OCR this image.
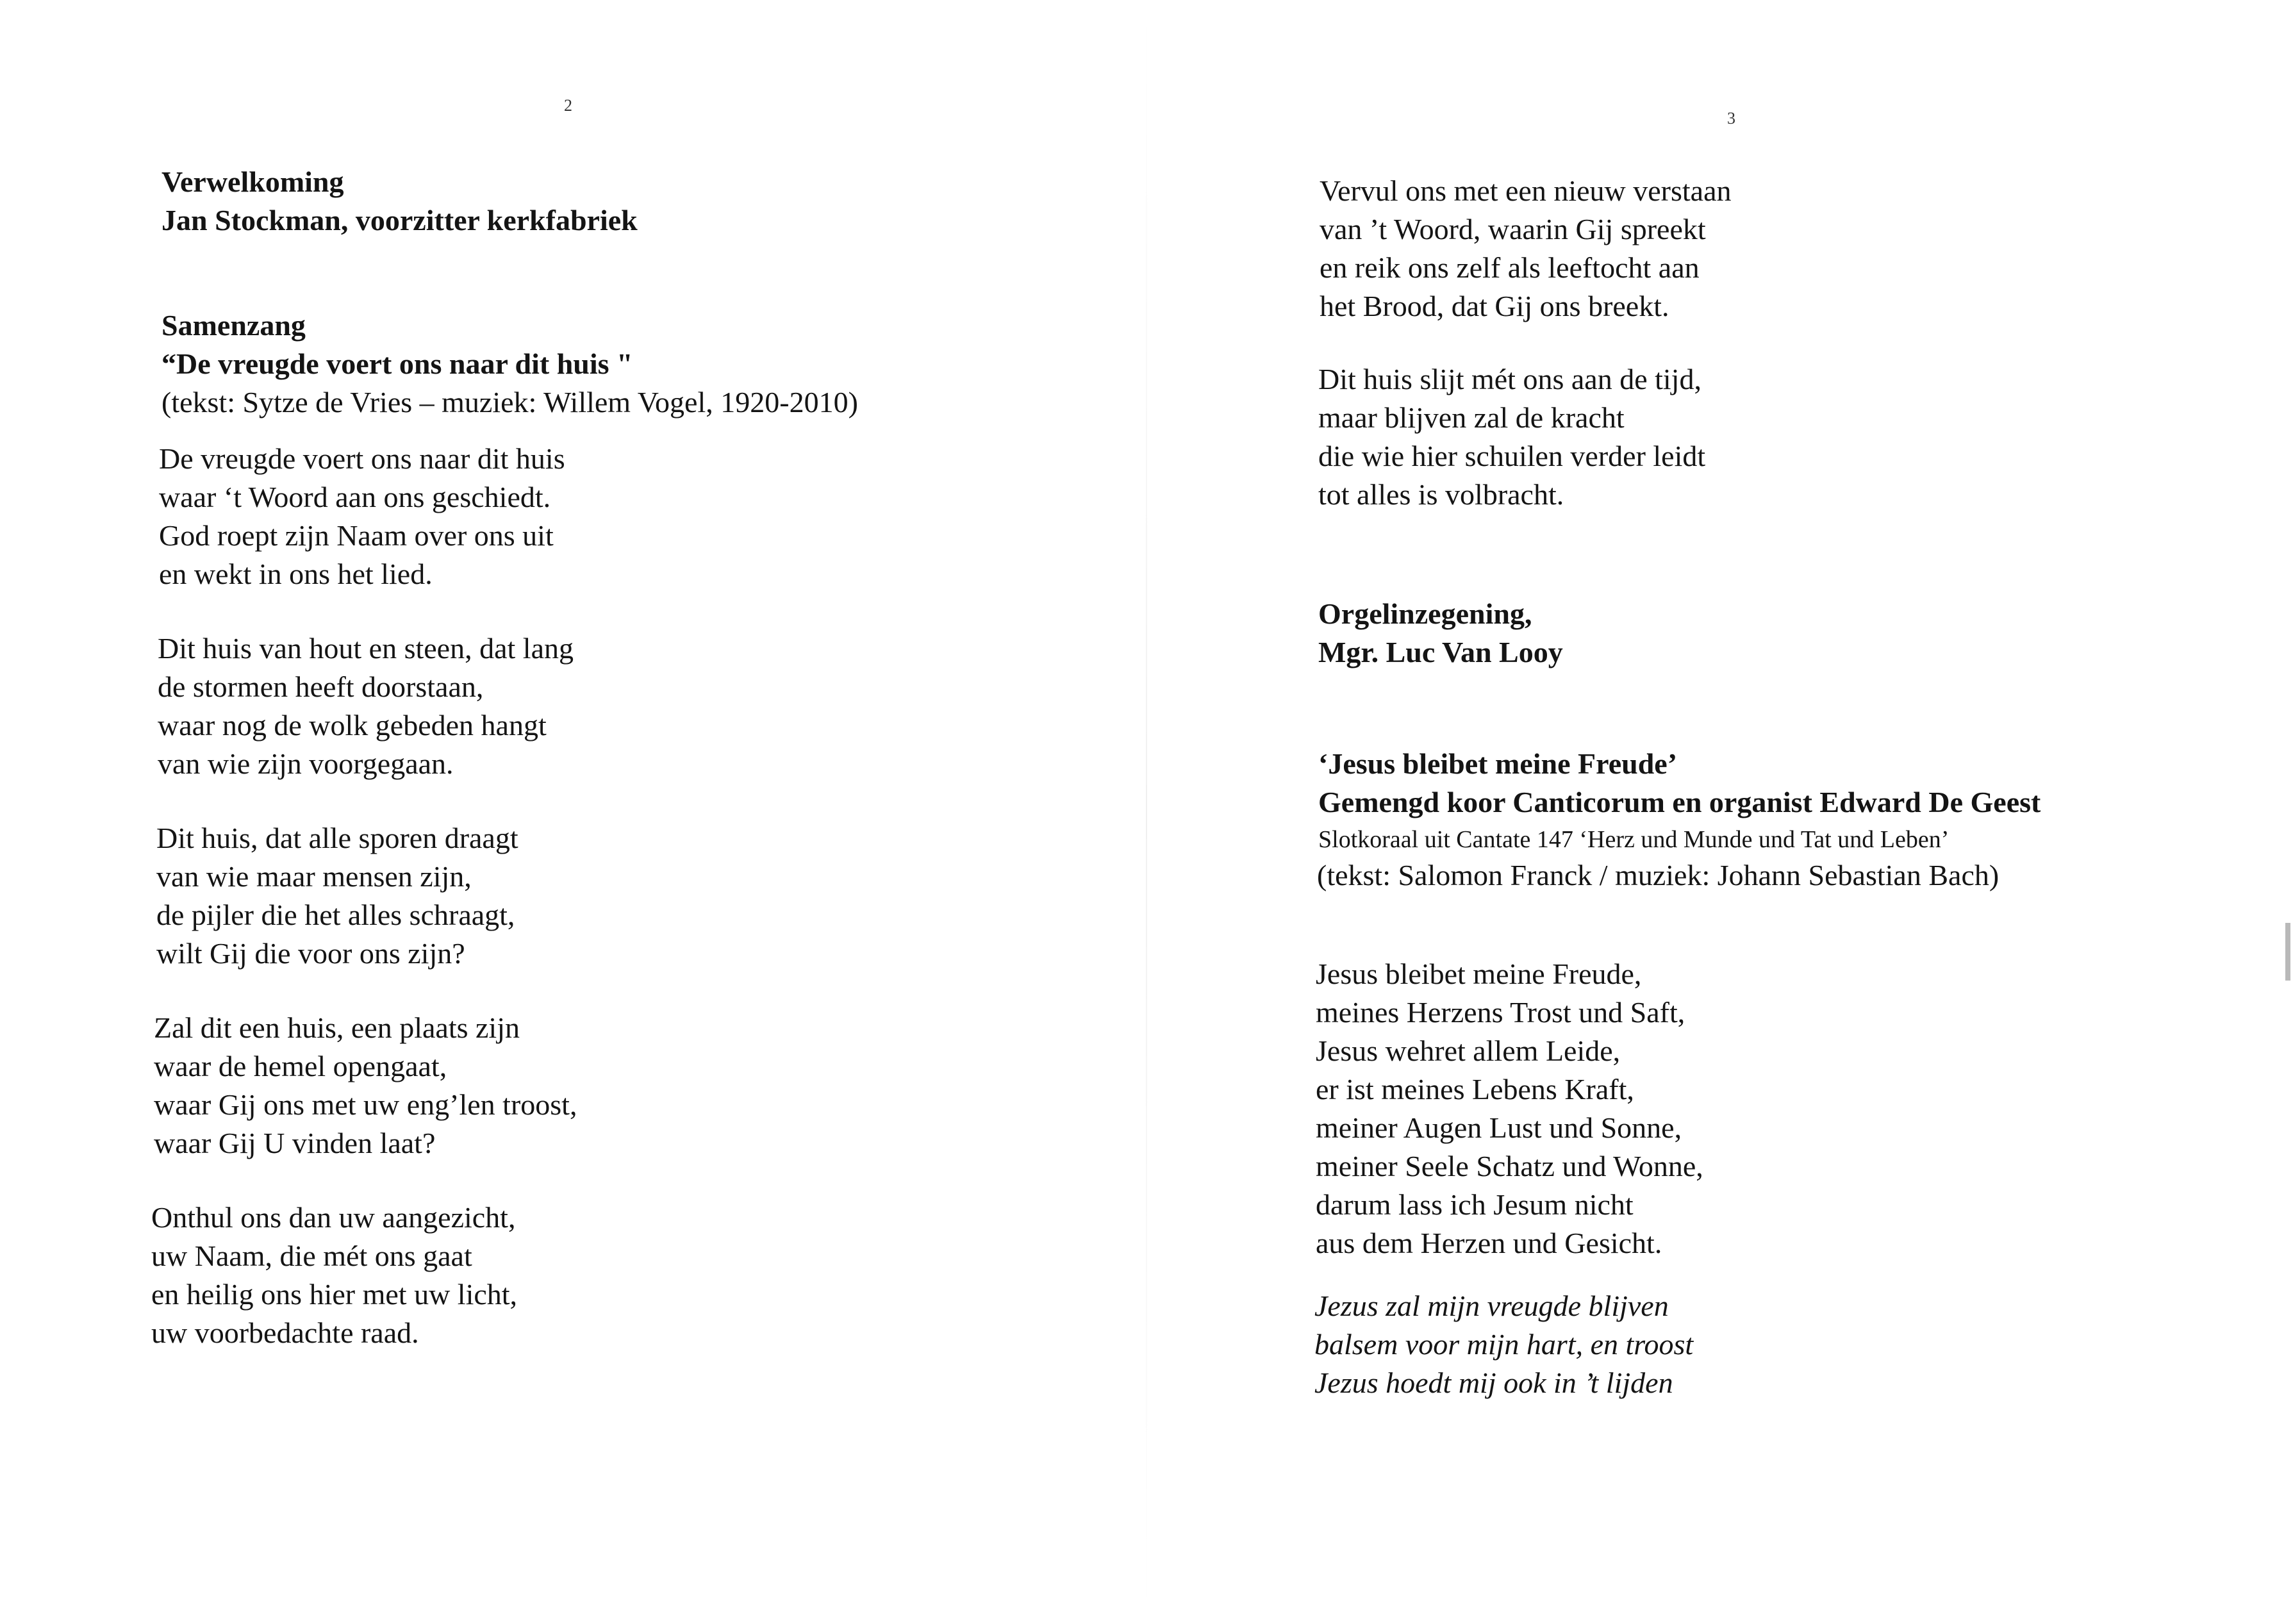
2
Verwelkoming
Jan Stockman, voorzitter kerkfabriek
Samenzang
“De vreugde voert ons naar dit huis "
(tekst: Sytze de Vries – muziek: Willem Vogel, 1920-2010)
De vreugde voert ons naar dit huis
waar ‘t Woord aan ons geschiedt.
God roept zijn Naam over ons uit
en wekt in ons het lied.
Dit huis van hout en steen, dat lang
de stormen heeft doorstaan,
waar nog de wolk gebeden hangt
van wie zijn voorgegaan.
Dit huis, dat alle sporen draagt
van wie maar mensen zijn,
de pijler die het alles schraagt,
wilt Gij die voor ons zijn?
Zal dit een huis, een plaats zijn
waar de hemel opengaat,
waar Gij ons met uw eng’len troost,
waar Gij U vinden laat?
Onthul ons dan uw aangezicht,
uw Naam, die mét ons gaat
en heilig ons hier met uw licht,
uw voorbedachte raad.
3
Vervul ons met een nieuw verstaan
van ’t Woord, waarin Gij spreekt
en reik ons zelf als leeftocht aan
het Brood, dat Gij ons breekt.
Dit huis slijt mét ons aan de tijd,
maar blijven zal de kracht
die wie hier schuilen verder leidt
tot alles is volbracht.
Orgelinzegening,
Mgr. Luc Van Looy
‘Jesus bleibet meine Freude’
Gemengd koor Canticorum en organist Edward De Geest
Slotkoraal uit Cantate 147 ‘Herz und Munde und Tat und Leben’
(tekst: Salomon Franck / muziek: Johann Sebastian Bach)
Jesus bleibet meine Freude,
meines Herzens Trost und Saft,
Jesus wehret allem Leide,
er ist meines Lebens Kraft,
meiner Augen Lust und Sonne,
meiner Seele Schatz und Wonne,
darum lass ich Jesum nicht
aus dem Herzen und Gesicht.
Jezus zal mijn vreugde blijven
balsem voor mijn hart, en troost
Jezus hoedt mij ook in ’t lijden
